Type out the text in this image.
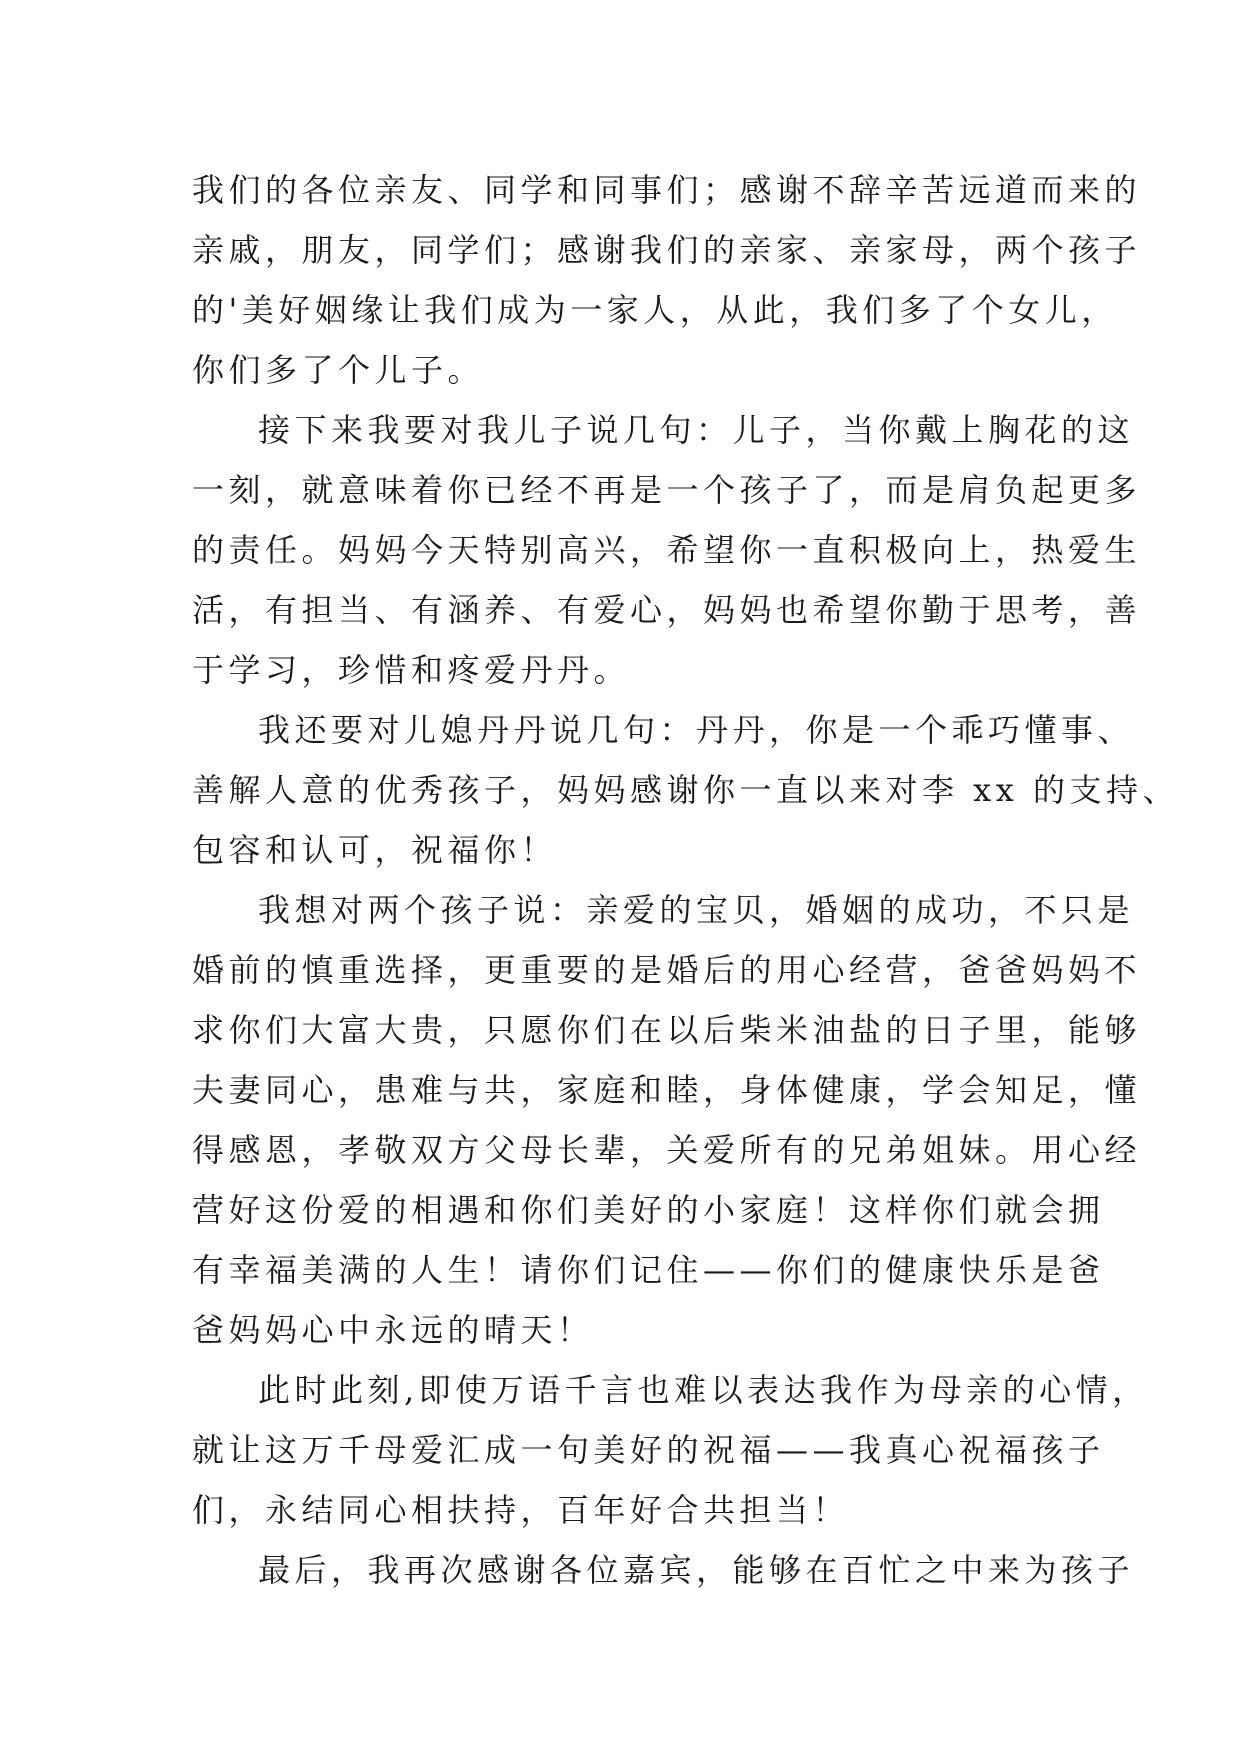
我们的各位亲友、同学和同事们；感谢不辞辛苦远道而来的
亲戚，朋友，同学们；感谢我们的亲家、亲家母，两个孩子
的'美好姻缘让我们成为一家人，从此，我们多了个女儿，
你们多了个儿子。
接下来我要对我儿子说几句：儿子，当你戴上胸花的这
一刻，就意味着你已经不再是一个孩子了，而是肩负起更多
的责任。妈妈今天特别高兴，希望你一直积极向上，热爱生
活，有担当、有涵养、有爱心，妈妈也希望你勤于思考，善
于学习，珍惜和疼爱丹丹。
我还要对儿媳丹丹说几句：丹丹，你是一个乖巧懂事、
善解人意的优秀孩子，妈妈感谢你一直以来对李 xx 的支持、
包容和认可，祝福你！
我想对两个孩子说：亲爱的宝贝，婚姻的成功，不只是
婚前的慎重选择，更重要的是婚后的用心经营，爸爸妈妈不
求你们大富大贵，只愿你们在以后柴米油盐的日子里，能够
夫妻同心，患难与共，家庭和睦，身体健康，学会知足，懂
得感恩，孝敬双方父母长辈，关爱所有的兄弟姐妹。用心经
营好这份爱的相遇和你们美好的小家庭！这样你们就会拥
有幸福美满的人生！请你们记住——你们的健康快乐是爸
爸妈妈心中永远的晴天！
此时此刻,即使万语千言也难以表达我作为母亲的心情，
就让这万千母爱汇成一句美好的祝福——我真心祝福孩子
们，永结同心相扶持，百年好合共担当！
最后，我再次感谢各位嘉宾，能够在百忙之中来为孩子
